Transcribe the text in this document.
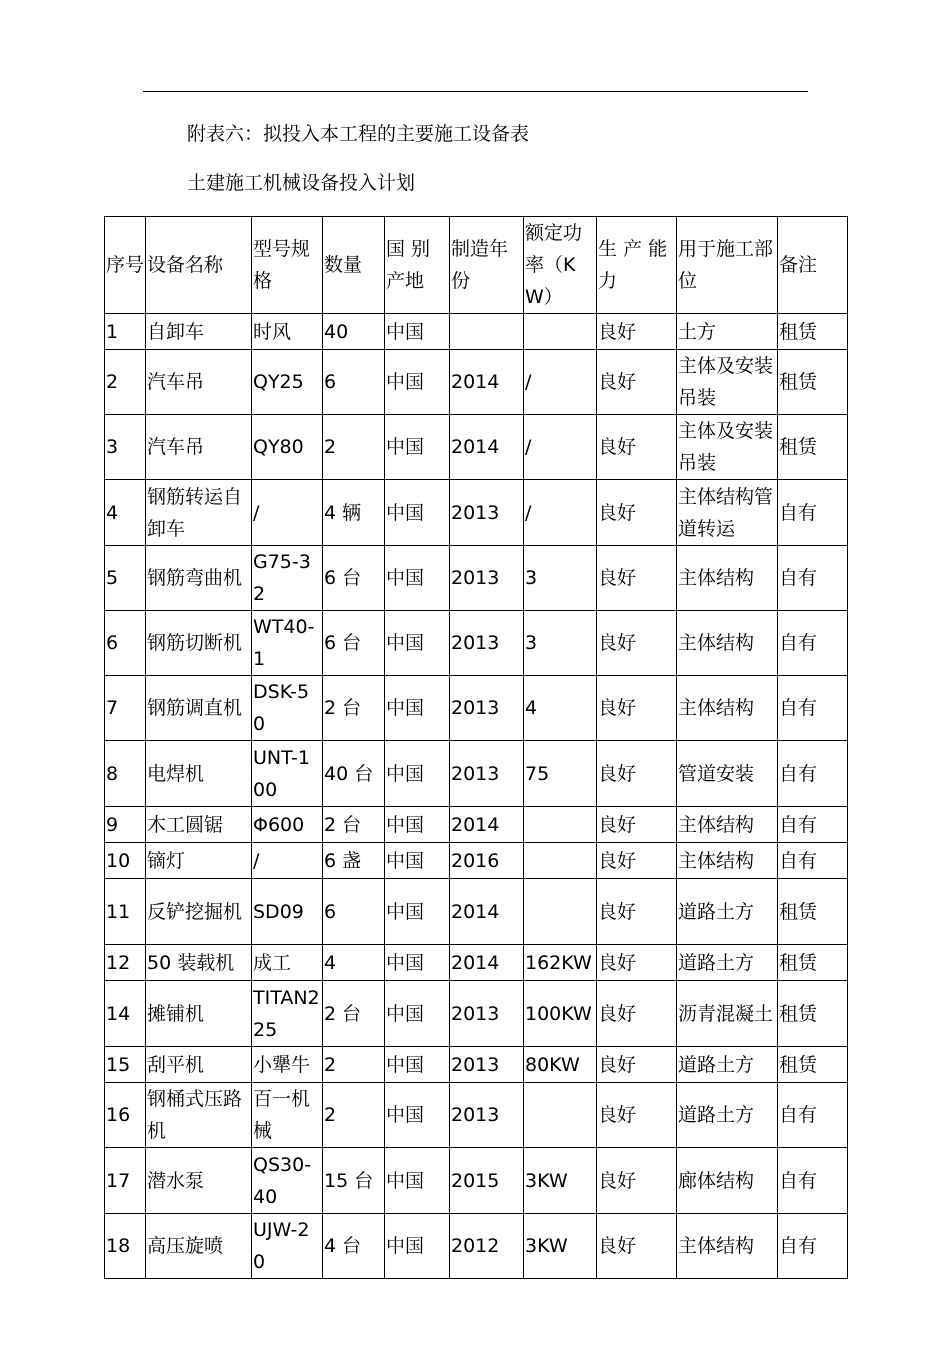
附表六：拟投入本工程的主要施工设备表
土建施工机械设备投入计划
序号	设备名称	型号规格	数量	国 别产地	制造年份	额定功率（KW）	生 产 能力	用于施工部位	备注

1	自卸车	时风	40	中国			良好	土方	租赁

2	汽车吊	QY25	6	中国	2014	/	良好	主体及安装吊装	租赁

3	汽车吊	QY80	2	中国	2014	/	良好	主体及安装吊装	租赁

4	钢筋转运自卸车	/	4 辆	中国	2013	/	良好	主体结构管道转运	自有

5	钢筋弯曲机	G75-32	6 台	中国	2013	3	良好	主体结构	自有

6	钢筋切断机	WT40-1	6 台	中国	2013	3	良好	主体结构	自有

7	钢筋调直机	DSK-50	2 台	中国	2013	4	良好	主体结构	自有

8	电焊机	UNT-100	40 台	中国	2013	75	良好	管道安装	自有

9	木工圆锯	Φ600	2 台	中国	2014		良好	主体结构	自有

10	镝灯	/	6 盏	中国	2016		良好	主体结构	自有

11	反铲挖掘机	SD09	6	中国	2014		良好	道路土方	租赁

12	50 装载机	成工	4	中国	2014	162KW	良好	道路土方	租赁

14	摊铺机	TITAN225	2 台	中国	2013	100KW	良好	沥青混凝土	租赁

15	刮平机	小犟牛	2	中国	2013	80KW	良好	道路土方	租赁

16	钢桶式压路机	百一机械	2	中国	2013		良好	道路土方	自有

17	潜水泵	QS30-40	15 台	中国	2015	3KW	良好	廊体结构	自有

18	高压旋喷	UJW-20	4 台	中国	2012	3KW	良好	主体结构	自有
